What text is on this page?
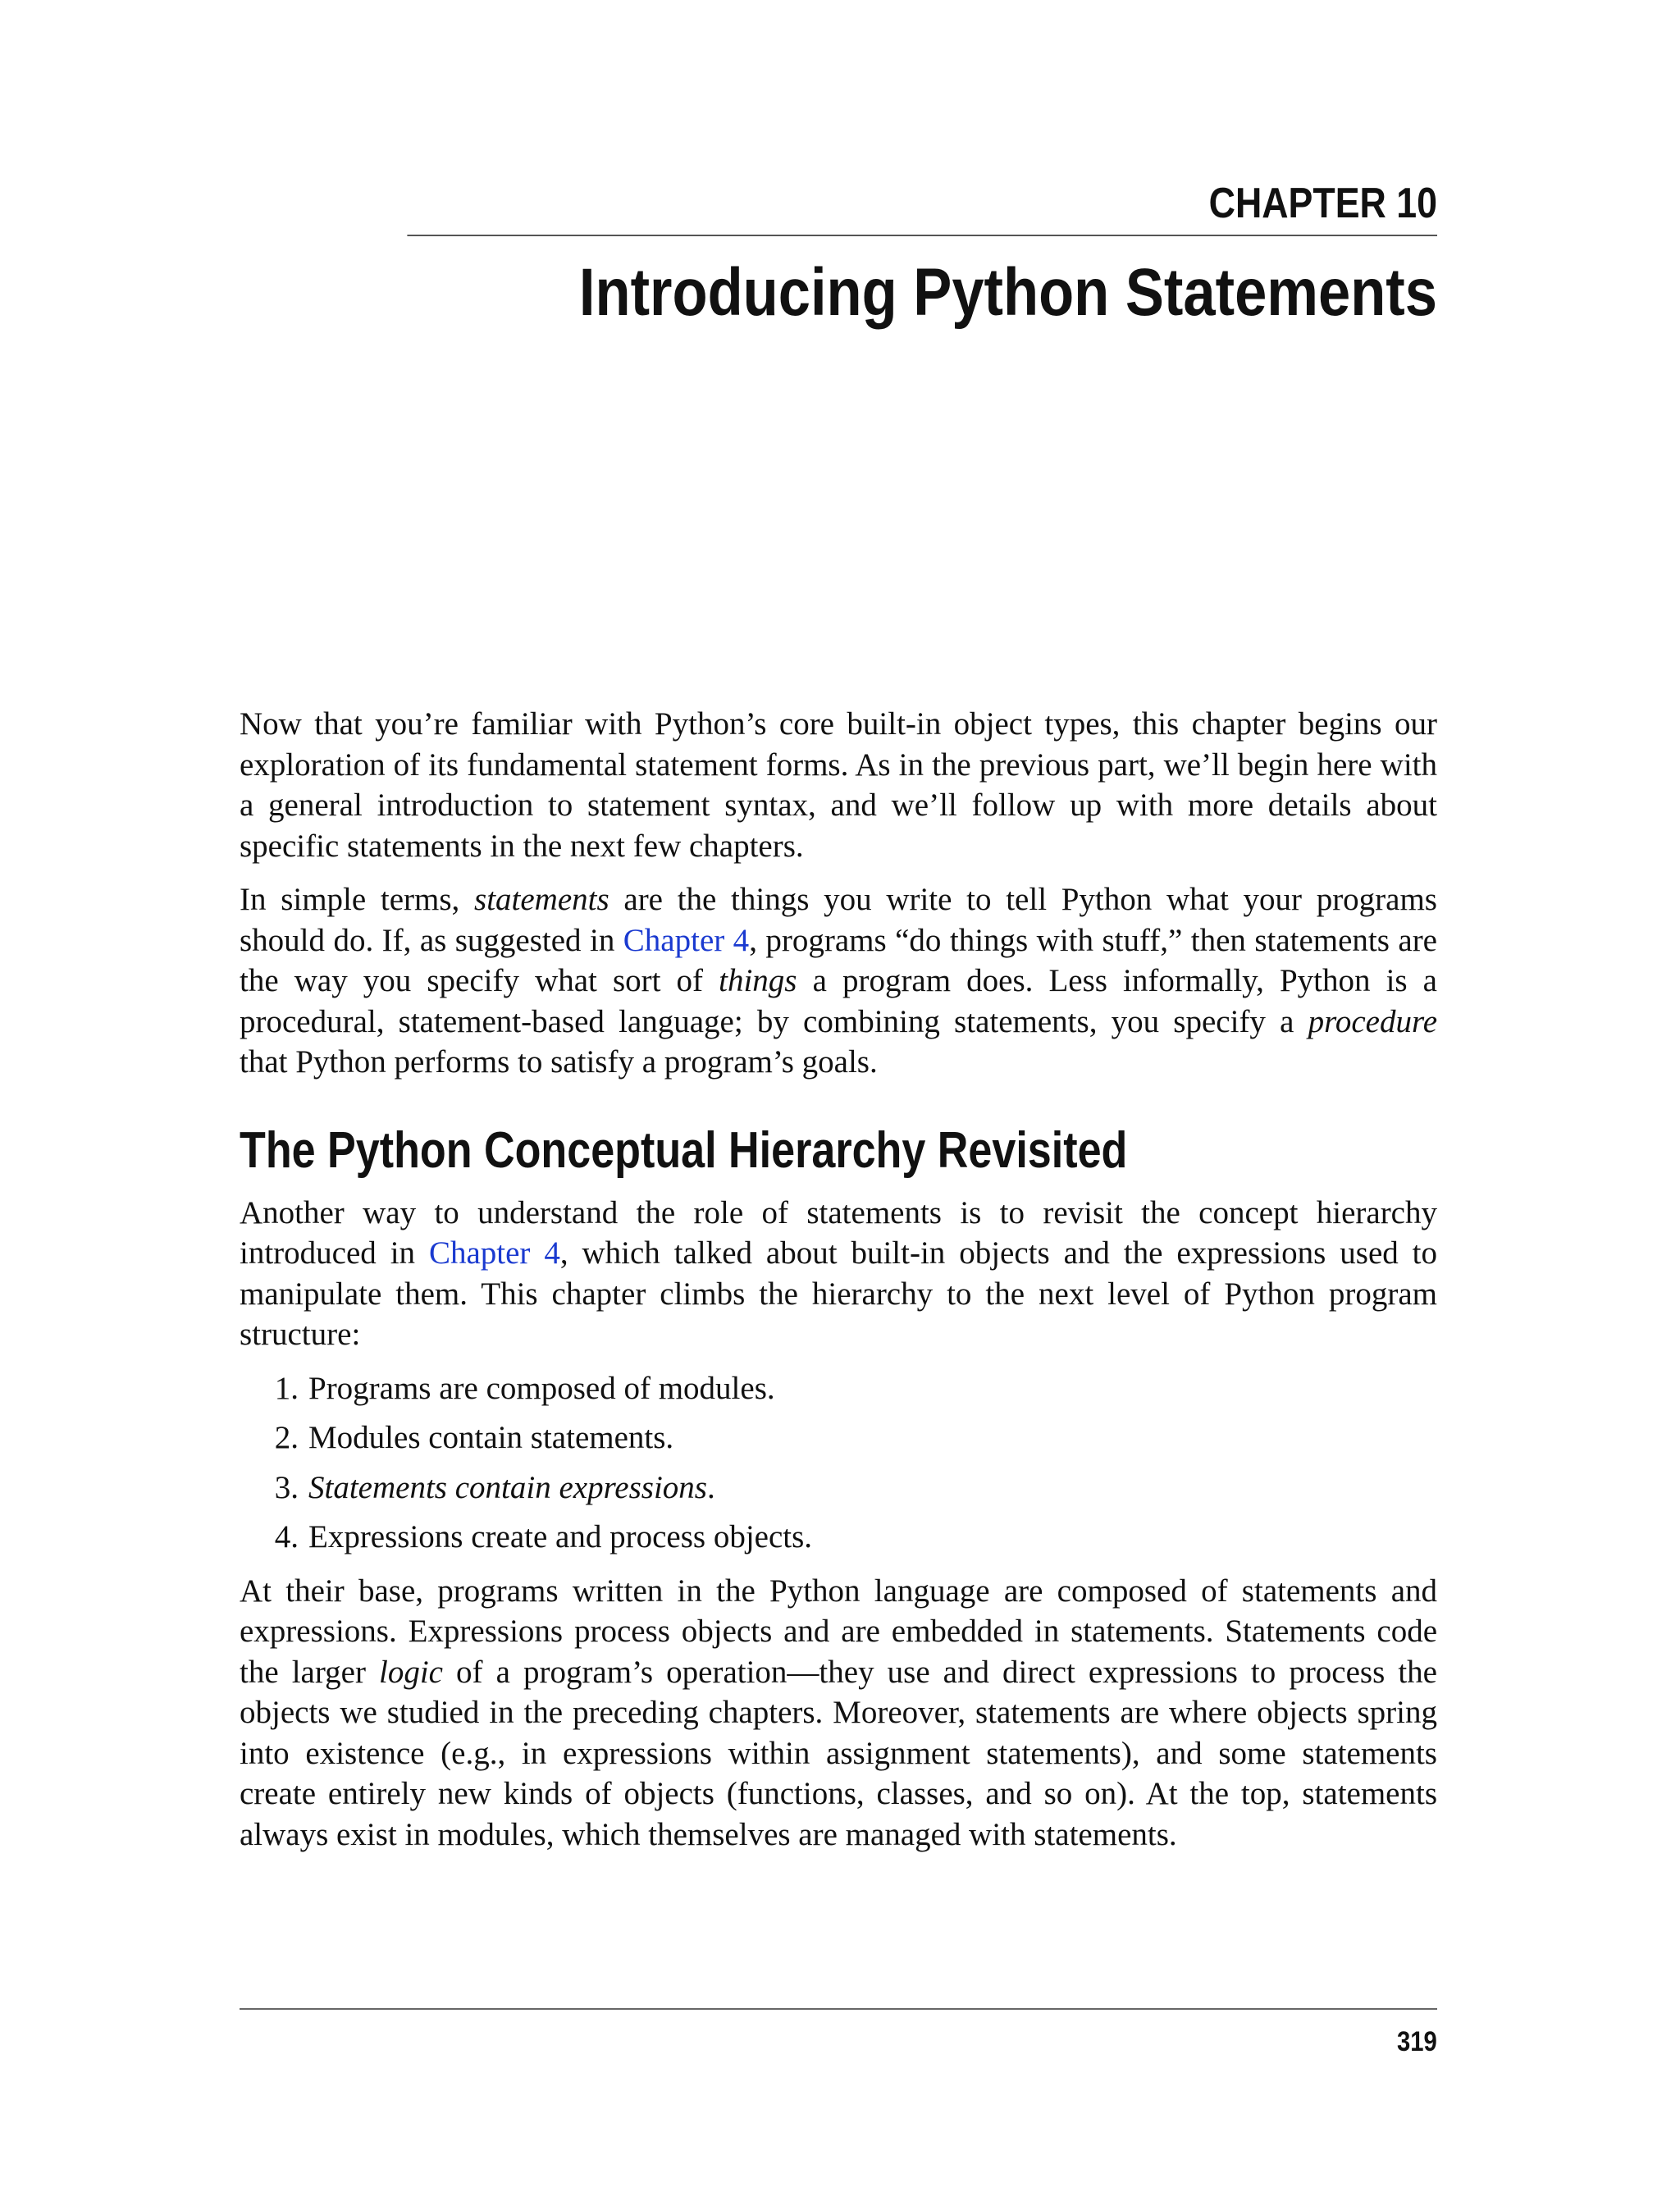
CHAPTER 10
Introducing Python Statements

Now that you’re familiar with Python’s core built-in object types, this chapter begins our exploration of its fundamental statement forms. As in the previous part, we’ll begin here with a general introduction to statement syntax, and we’ll follow up with more details about specific statements in the next few chapters.

In simple terms, statements are the things you write to tell Python what your programs should do. If, as suggested in Chapter 4, programs “do things with stuff,” then statements are the way you specify what sort of things a program does. Less informally, Python is a procedural, statement-based language; by combining statements, you specify a procedure that Python performs to satisfy a program’s goals.

The Python Conceptual Hierarchy Revisited

Another way to understand the role of statements is to revisit the concept hierarchy introduced in Chapter 4, which talked about built-in objects and the expressions used to manipulate them. This chapter climbs the hierarchy to the next level of Python program structure:

1. Programs are composed of modules.
2. Modules contain statements.
3. Statements contain expressions.
4. Expressions create and process objects.

At their base, programs written in the Python language are composed of statements and expressions. Expressions process objects and are embedded in statements. Statements code the larger logic of a program’s operation—they use and direct expressions to process the objects we studied in the preceding chapters. Moreover, statements are where objects spring into existence (e.g., in expressions within assignment statements), and some statements create entirely new kinds of objects (functions, classes, and so on). At the top, statements always exist in modules, which themselves are managed with statements.

319
